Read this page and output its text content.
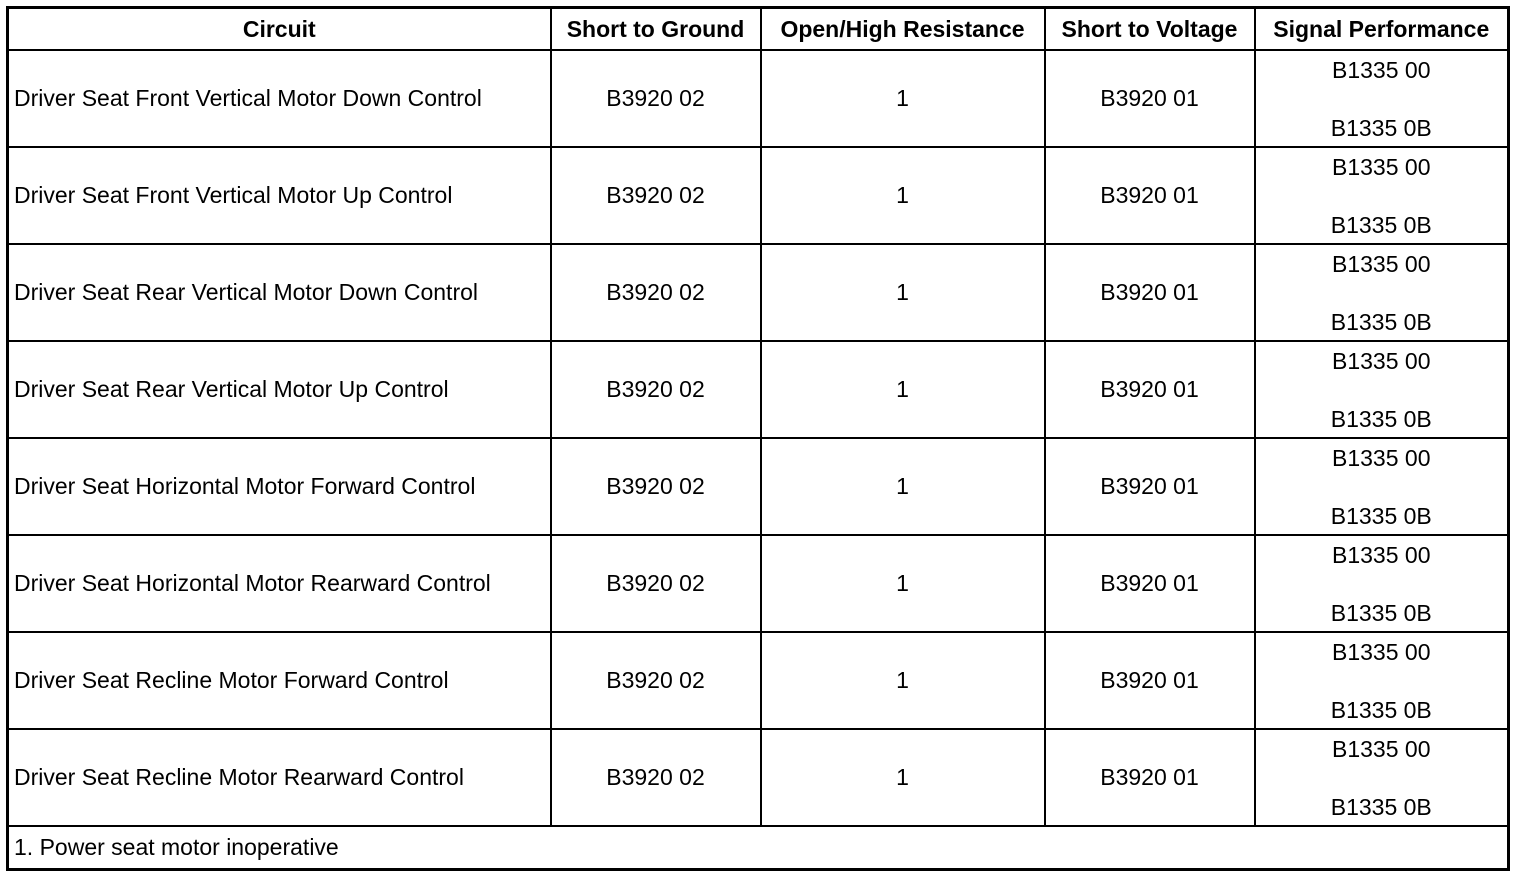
Circuit	Short to Ground	Open/High Resistance	Short to Voltage	Signal Performance
Driver Seat Front Vertical Motor Down Control	B3920 02	1	B3920 01	B1335 00
B1335 0B

Driver Seat Front Vertical Motor Up Control	B3920 02	1	B3920 01	B1335 00
B1335 0B

Driver Seat Rear Vertical Motor Down Control	B3920 02	1	B3920 01	B1335 00
B1335 0B

Driver Seat Rear Vertical Motor Up Control	B3920 02	1	B3920 01	B1335 00
B1335 0B

Driver Seat Horizontal Motor Forward Control	B3920 02	1	B3920 01	B1335 00
B1335 0B

Driver Seat Horizontal Motor Rearward Control	B3920 02	1	B3920 01	B1335 00
B1335 0B

Driver Seat Recline Motor Forward Control	B3920 02	1	B3920 01	B1335 00
B1335 0B

Driver Seat Recline Motor Rearward Control	B3920 02	1	B3920 01	B1335 00
B1335 0B

1. Power seat motor inoperative				
